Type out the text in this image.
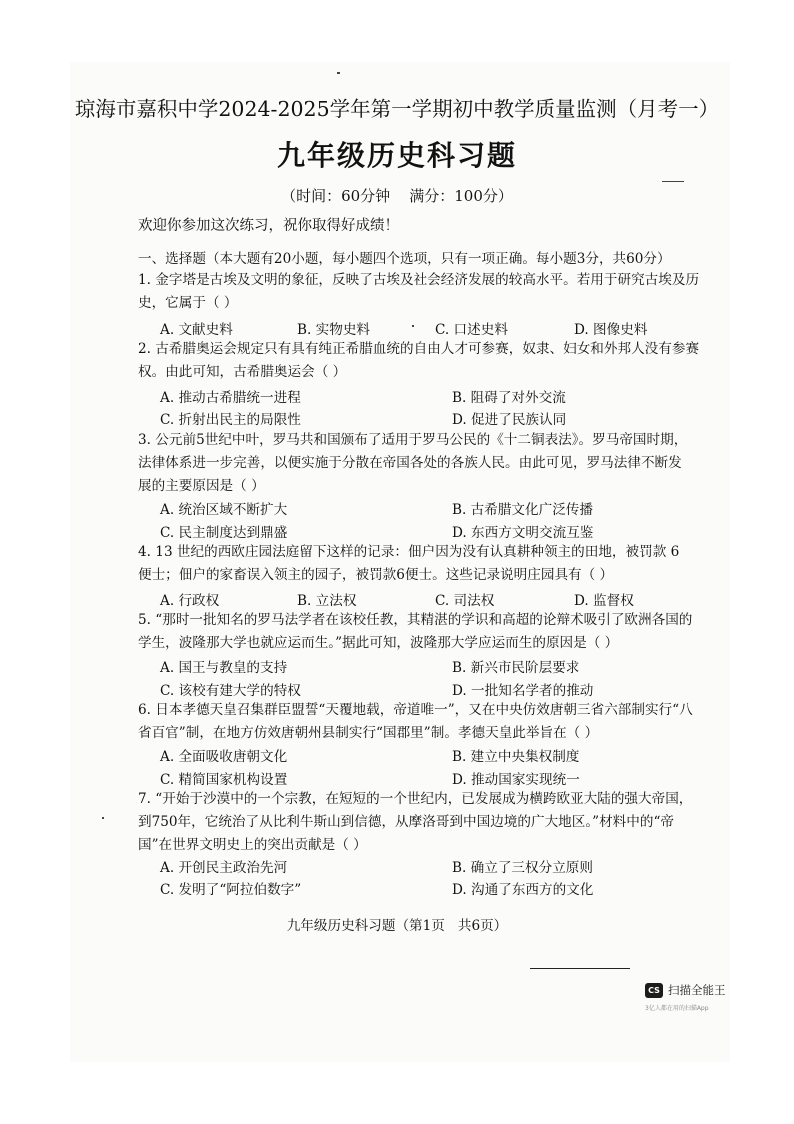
琼海市嘉积中学2024-2025学年第一学期初中教学质量监测（月考一）
九年级历史科习题
（时间：60分钟    满分：100分）
欢迎你参加这次练习，祝你取得好成绩！
一、选择题（本大题有20小题，每小题四个选项，只有一项正确。每小题3分，共60分）
1. 金字塔是古埃及文明的象征，反映了古埃及社会经济发展的较高水平。若用于研究古埃及历
史，它属于（ ）
A. 文献史料	B. 实物史料	C. 口述史料	D. 图像史料
2. 古希腊奥运会规定只有具有纯正希腊血统的自由人才可参赛，奴隶、妇女和外邦人没有参赛
权。由此可知，古希腊奥运会（ ）
A. 推动古希腊统一进程	B. 阻碍了对外交流
C. 折射出民主的局限性	D. 促进了民族认同
3. 公元前5世纪中叶，罗马共和国颁布了适用于罗马公民的《十二铜表法》。罗马帝国时期，
法律体系进一步完善，以便实施于分散在帝国各处的各族人民。由此可见，罗马法律不断发
展的主要原因是（ ）
A. 统治区域不断扩大	B. 古希腊文化广泛传播
C. 民主制度达到鼎盛	D. 东西方文明交流互鉴
4. 13 世纪的西欧庄园法庭留下这样的记录：佃户因为没有认真耕种领主的田地，被罚款 6
便士；佃户的家畜误入领主的园子，被罚款6便士。这些记录说明庄园具有（ ）
A. 行政权	B. 立法权	C. 司法权	D. 监督权
5. “那时一批知名的罗马法学者在该校任教，其精湛的学识和高超的论辩术吸引了欧洲各国的
学生，波隆那大学也就应运而生。”据此可知，波隆那大学应运而生的原因是（ ）
A. 国王与教皇的支持	B. 新兴市民阶层要求
C. 该校有建大学的特权	D. 一批知名学者的推动
6. 日本孝德天皇召集群臣盟誓“天覆地载，帝道唯一”，又在中央仿效唐朝三省六部制实行“八
省百官”制，在地方仿效唐朝州县制实行“国郡里”制。孝德天皇此举旨在（ ）
A. 全面吸收唐朝文化	B. 建立中央集权制度
C. 精简国家机构设置	D. 推动国家实现统一
7. “开始于沙漠中的一个宗教，在短短的一个世纪内，已发展成为横跨欧亚大陆的强大帝国，
到750年，它统治了从比利牛斯山到信德，从摩洛哥到中国边境的广大地区。”材料中的“帝
国”在世界文明史上的突出贡献是（ ）
A. 开创民主政治先河	B. 确立了三权分立原则
C. 发明了“阿拉伯数字”	D. 沟通了东西方的文化
九年级历史科习题（第1页   共6页）
CS 扫描全能王
3亿人都在用的扫描App
